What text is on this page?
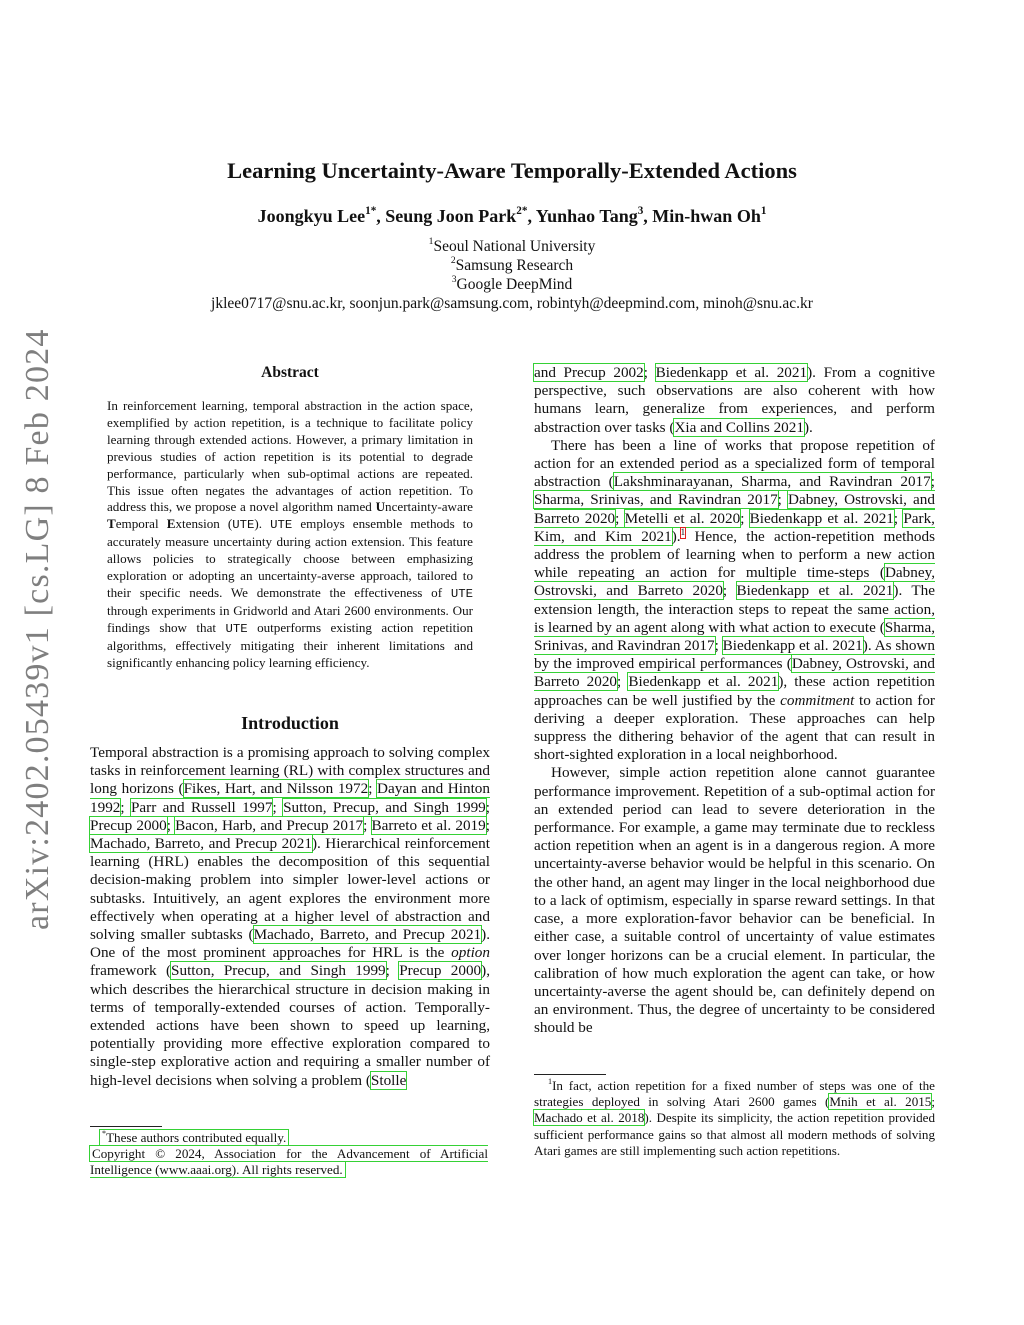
arXiv:2402.05439v1 [cs.LG] 8 Feb 2024
Learning Uncertainty-Aware Temporally-Extended Actions
Joongkyu Lee$^{1*}$, Seung Joon Park$^{2*}$, Yunhao Tang$^3$, Min-hwan Oh$^1$
$^1$Seoul National University
$^2$Samsung Research
$^3$Google DeepMind
jklee0717@snu.ac.kr, soonjun.park@samsung.com, robintyh@deepmind.com, minoh@snu.ac.kr
Abstract
In reinforcement learning, temporal abstraction in the action space, exemplified by action repetition, is a technique to facilitate policy learning through extended actions. However, a primary limitation in previous studies of action repetition is its potential to degrade performance, particularly when sub-optimal actions are repeated. This issue often negates the advantages of action repetition. To address this, we propose a novel algorithm named Uncertainty-aware Temporal Extension (UTE). UTE employs ensemble methods to accurately measure uncertainty during action extension. This feature allows policies to strategically choose between emphasizing exploration or adopting an uncertainty-averse approach, tailored to their specific needs. We demonstrate the effectiveness of UTE through experiments in Gridworld and Atari 2600 environments. Our findings show that UTE outperforms existing action repetition algorithms, effectively mitigating their inherent limitations and significantly enhancing policy learning efficiency.
Introduction

Temporal abstraction is a promising approach to solving complex tasks in reinforcement learning (RL) with complex structures and long horizons (Fikes, Hart, and Nilsson 1972; Dayan and Hinton 1992; Parr and Russell 1997; Sutton, Precup, and Singh 1999; Precup 2000; Bacon, Harb, and Precup 2017; Barreto et al. 2019; Machado, Barreto, and Precup 2021). Hierarchical reinforcement learning (HRL) enables the decomposition of this sequential decision-making problem into simpler lower-level actions or subtasks. Intuitively, an agent explores the environment more effectively when operating at a higher level of abstraction and solving smaller subtasks (Machado, Barreto, and Precup 2021). One of the most prominent approaches for HRL is the option framework (Sutton, Precup, and Singh 1999; Precup 2000), which describes the hierarchical structure in decision making in terms of temporally-extended courses of action. Temporally-extended actions have been shown to speed up learning, potentially providing more effective exploration compared to single-step explorative action and requiring a smaller number of high-level decisions when solving a problem (Stolle

*These authors contributed equally.
Copyright © 2024, Association for the Advancement of Artificial Intelligence (www.aaai.org). All rights reserved.

and Precup 2002; Biedenkapp et al. 2021). From a cognitive perspective, such observations are also coherent with how humans learn, generalize from experiences, and perform abstraction over tasks (Xia and Collins 2021).

There has been a line of works that propose repetition of action for an extended period as a specialized form of temporal abstraction (Lakshminarayanan, Sharma, and Ravindran 2017; Sharma, Srinivas, and Ravindran 2017; Dabney, Ostrovski, and Barreto 2020; Metelli et al. 2020; Biedenkapp et al. 2021; Park, Kim, and Kim 2021).$^1$ Hence, the action-repetition methods address the problem of learning when to perform a new action while repeating an action for multiple time-steps (Dabney, Ostrovski, and Barreto 2020; Biedenkapp et al. 2021). The extension length, the interaction steps to repeat the same action, is learned by an agent along with what action to execute (Sharma, Srinivas, and Ravindran 2017; Biedenkapp et al. 2021). As shown by the improved empirical performances (Dabney, Ostrovski, and Barreto 2020; Biedenkapp et al. 2021), these action repetition approaches can be well justified by the commitment to action for deriving a deeper exploration. These approaches can help suppress the dithering behavior of the agent that can result in short-sighted exploration in a local neighborhood.

However, simple action repetition alone cannot guarantee performance improvement. Repetition of a sub-optimal action for an extended period can lead to severe deterioration in the performance. For example, a game may terminate due to reckless action repetition when an agent is in a dangerous region. A more uncertainty-averse behavior would be helpful in this scenario. On the other hand, an agent may linger in the local neighborhood due to a lack of optimism, especially in sparse reward settings. In that case, a more exploration-favor behavior can be beneficial. In either case, a suitable control of uncertainty of value estimates over longer horizons can be a crucial element. In particular, the calibration of how much exploration the agent can take, or how uncertainty-averse the agent should be, can definitely depend on an environment. Thus, the degree of uncertainty to be considered should be

$^1$In fact, action repetition for a fixed number of steps was one of the strategies deployed in solving Atari 2600 games (Mnih et al. 2015; Machado et al. 2018). Despite its simplicity, the action repetition provided sufficient performance gains so that almost all modern methods of solving Atari games are still implementing such action repetitions.
